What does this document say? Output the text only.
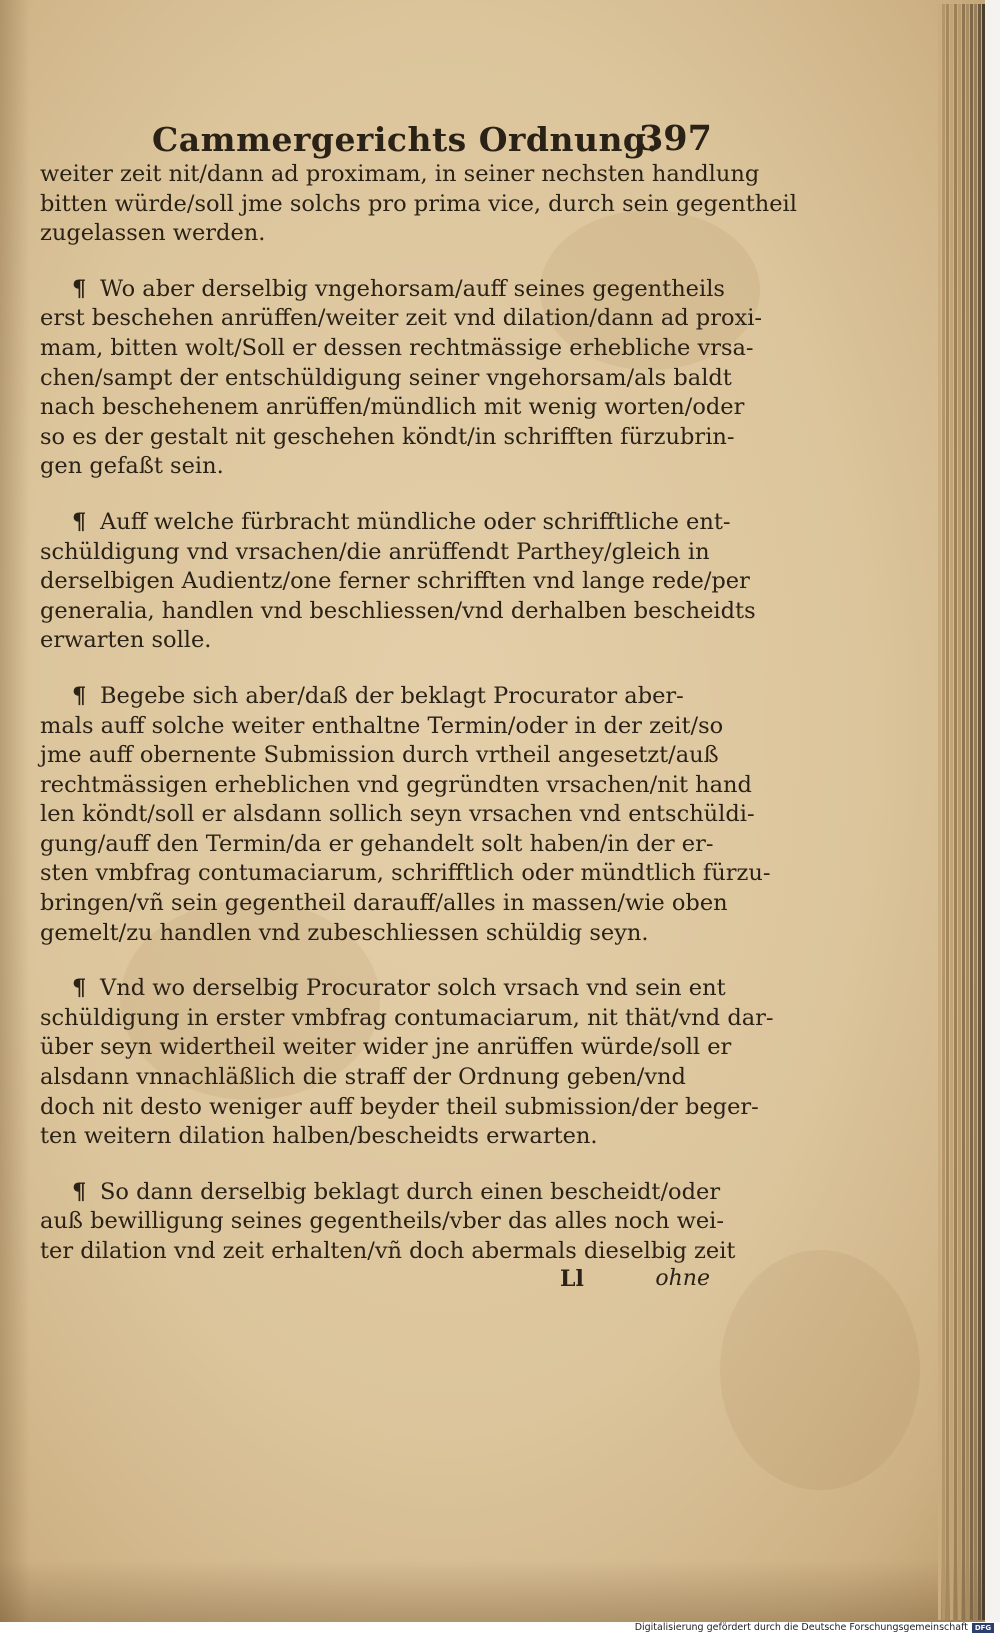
Cammergerichts Ordnung.
397
weiter zeit nit/dann ad proximam, in seiner nechsten handlung
bitten würde/soll jme solchs pro prima vice, durch sein gegentheil
zugelassen werden.
¶ Wo aber derselbig vngehorsam/auff seines gegentheils
erst beschehen anrüffen/weiter zeit vnd dilation/dann ad proxi-
mam, bitten wolt/Soll er dessen rechtmässige erhebliche vrsa-
chen/sampt der entschüldigung seiner vngehorsam/als baldt
nach beschehenem anrüffen/mündlich mit wenig worten/oder
so es der gestalt nit geschehen köndt/in schrifften fürzubrin-
gen gefaßt sein.
¶ Auff welche fürbracht mündliche oder schrifftliche ent-
schüldigung vnd vrsachen/die anrüffendt Parthey/gleich in
derselbigen Audientz/one ferner schrifften vnd lange rede/per
generalia, handlen vnd beschliessen/vnd derhalben bescheidts
erwarten solle.
¶ Begebe sich aber/daß der beklagt Procurator aber-
mals auff solche weiter enthaltne Termin/oder in der zeit/so
jme auff obernente Submission durch vrtheil angesetzt/auß
rechtmässigen erheblichen vnd gegründten vrsachen/nit hand
len köndt/soll er alsdann sollich seyn vrsachen vnd entschüldi-
gung/auff den Termin/da er gehandelt solt haben/in der er-
sten vmbfrag contumaciarum, schrifftlich oder mündtlich fürzu-
bringen/vñ sein gegentheil darauff/alles in massen/wie oben
gemelt/zu handlen vnd zubeschliessen schüldig seyn.
¶ Vnd wo derselbig Procurator solch vrsach vnd sein ent
schüldigung in erster vmbfrag contumaciarum, nit thät/vnd dar-
über seyn widertheil weiter wider jne anrüffen würde/soll er
alsdann vnnachläßlich die straff der Ordnung geben/vnd
doch nit desto weniger auff beyder theil submission/der beger-
ten weitern dilation halben/bescheidts erwarten.
¶ So dann derselbig beklagt durch einen bescheidt/oder
auß bewilligung seines gegentheils/vber das alles noch wei-
ter dilation vnd zeit erhalten/vñ doch abermals dieselbig zeit
Ll	ohne
Digitalisierung gefördert durch die Deutsche Forschungsgemeinschaft DFG
